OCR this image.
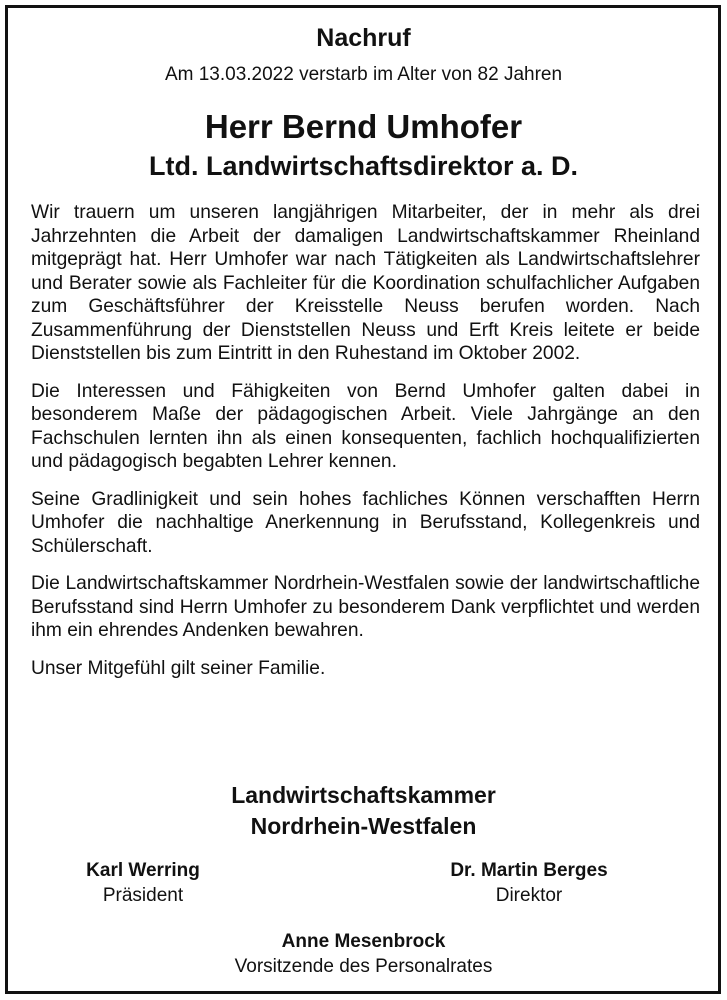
Nachruf
Am 13.03.2022 verstarb im Alter von 82 Jahren
Herr Bernd Umhofer
Ltd. Landwirtschaftsdirektor a. D.

Wir trauern um unseren langjährigen Mitarbeiter, der in mehr als drei Jahrzehnten die Arbeit der damaligen Landwirtschaftskammer Rheinland mitgeprägt hat. Herr Umhofer war nach Tätigkeiten als Landwirtschaftslehrer und Berater sowie als Fachleiter für die Koordination schulfachlicher Aufgaben zum Geschäftsführer der Kreisstelle Neuss berufen worden. Nach Zusammenführung der Dienststellen Neuss und Erft Kreis leitete er beide Dienststellen bis zum Eintritt in den Ruhestand im Oktober 2002.

Die Interessen und Fähigkeiten von Bernd Umhofer galten dabei in besonderem Maße der pädagogischen Arbeit. Viele Jahrgänge an den Fachschulen lernten ihn als einen konsequenten, fachlich hochqualifizierten und pädagogisch begabten Lehrer kennen.

Seine Gradlinigkeit und sein hohes fachliches Können verschafften Herrn Umhofer die nachhaltige Anerkennung in Berufsstand, Kollegenkreis und Schülerschaft.

Die Landwirtschaftskammer Nordrhein-Westfalen sowie der landwirtschaftliche Berufsstand sind Herrn Umhofer zu besonderem Dank verpflichtet und werden ihm ein ehrendes Andenken bewahren.

Unser Mitgefühl gilt seiner Familie.

Landwirtschaftskammer
Nordrhein-Westfalen
Karl Werring
Präsident
Dr. Martin Berges
Direktor
Anne Mesenbrock
Vorsitzende des Personalrates
